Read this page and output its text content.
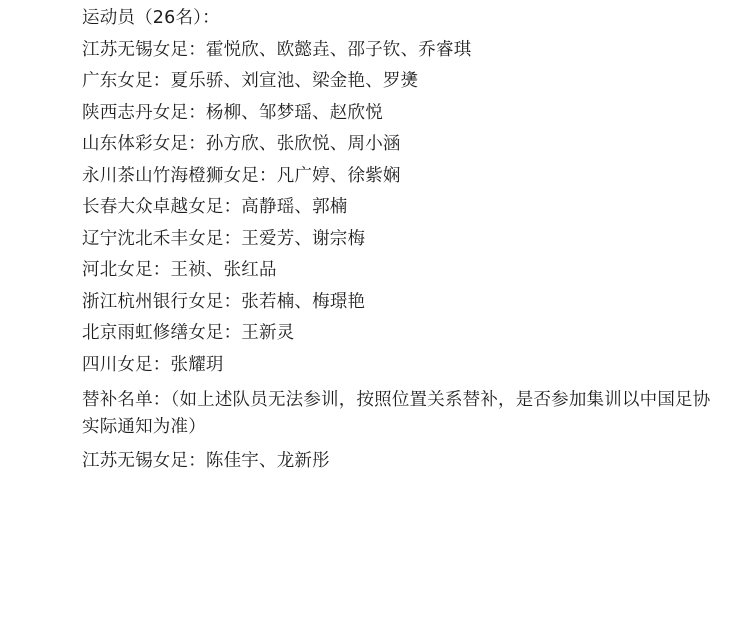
运动员（26名）：
江苏无锡女足：霍悦欣、欧懿垚、邵子钦、乔睿琪
广东女足：夏乐骄、刘宣池、梁金艳、罗㷭
陕西志丹女足：杨柳、邹梦瑶、赵欣悦
山东体彩女足：孙方欣、张欣悦、周小涵
永川茶山竹海橙狮女足：凡广婷、徐紫娴
长春大众卓越女足：高静瑶、郭楠
辽宁沈北禾丰女足：王爱芳、谢宗梅
河北女足：王祯、张红品
浙江杭州银行女足：张若楠、梅璟艳
北京雨虹修缮女足：王新灵
四川女足：张耀玥
替补名单：（如上述队员无法参训，按照位置关系替补，是否参加集训以中国足协实际通知为准）
江苏无锡女足：陈佳宇、龙新彤
